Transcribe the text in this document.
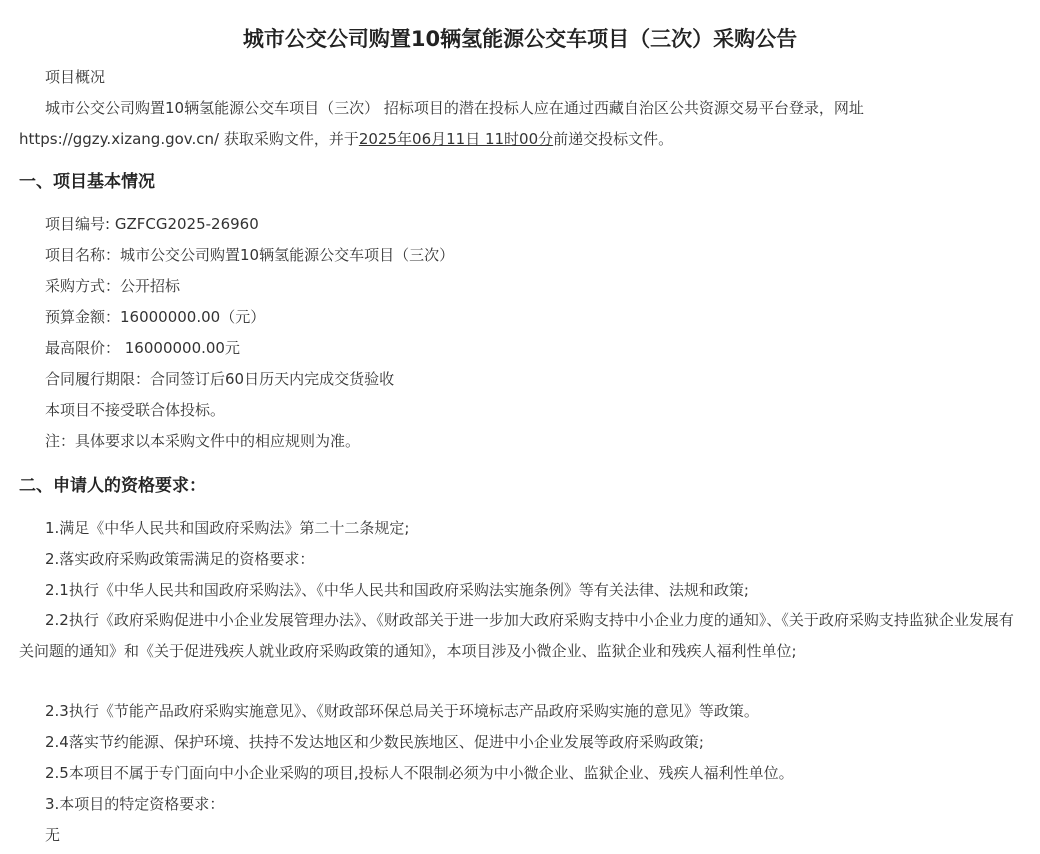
城市公交公司购置10辆氢能源公交车项目（三次）采购公告
项目概况
城市公交公司购置10辆氢能源公交车项目（三次） 招标项目的潜在投标人应在通过西藏自治区公共资源交易平台登录，网址 https://ggzy.xizang.gov.cn/ 获取采购文件，并于2025年06月11日 11时00分前递交投标文件。
一、项目基本情况
项目编号: GZFCG2025-26960
项目名称：城市公交公司购置10辆氢能源公交车项目（三次）
采购方式：公开招标
预算金额：16000000.00（元）
最高限价： 16000000.00元
合同履行期限：合同签订后60日历天内完成交货验收
本项目不接受联合体投标。
注：具体要求以本采购文件中的相应规则为准。
二、申请人的资格要求：
1.满足《中华人民共和国政府采购法》第二十二条规定;
2.落实政府采购政策需满足的资格要求：
2.1执行《中华人民共和国政府采购法》、《中华人民共和国政府采购法实施条例》等有关法律、法规和政策;
2.2执行《政府采购促进中小企业发展管理办法》、《财政部关于进一步加大政府采购支持中小企业力度的通知》、《关于政府采购支持监狱企业发展有关问题的通知》和《关于促进残疾人就业政府采购政策的通知》，本项目涉及小微企业、监狱企业和残疾人福利性单位;
2.3执行《节能产品政府采购实施意见》、《财政部环保总局关于环境标志产品政府采购实施的意见》等政策。
2.4落实节约能源、保护环境、扶持不发达地区和少数民族地区、促进中小企业发展等政府采购政策;
2.5本项目不属于专门面向中小企业采购的项目,投标人不限制必须为中小微企业、监狱企业、残疾人福利性单位。
3.本项目的特定资格要求：
无
